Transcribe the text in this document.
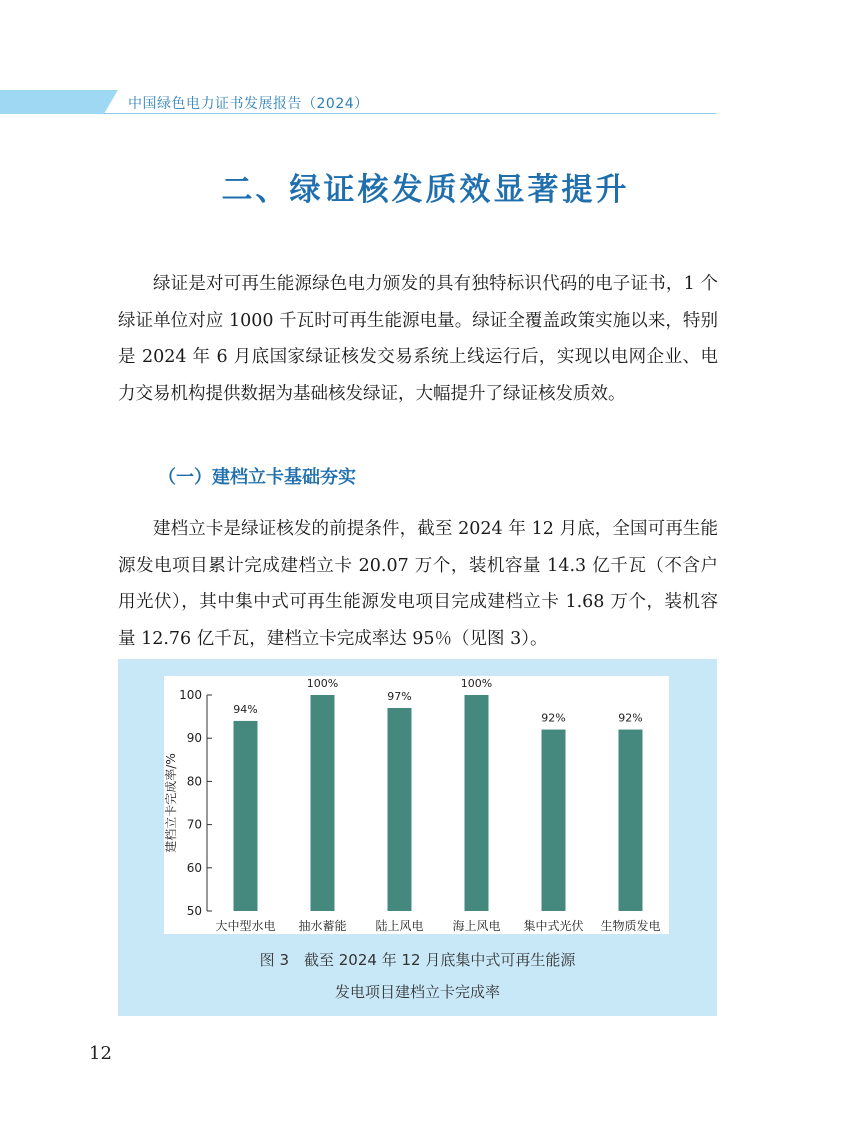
中国绿色电力证书发展报告（2024）
二、绿证核发质效显著提升

绿证是对可再生能源绿色电力颁发的具有独特标识代码的电子证书，1 个绿证单位对应 1000 千瓦时可再生能源电量。绿证全覆盖政策实施以来，特别是 2024 年 6 月底国家绿证核发交易系统上线运行后，实现以电网企业、电力交易机构提供数据为基础核发绿证，大幅提升了绿证核发质效。

（一）建档立卡基础夯实

建档立卡是绿证核发的前提条件，截至 2024 年 12 月底，全国可再生能源发电项目累计完成建档立卡 20.07 万个，装机容量 14.3 亿千瓦（不含户用光伏），其中集中式可再生能源发电项目完成建档立卡 1.68 万个，装机容量 12.76 亿千瓦，建档立卡完成率达 95％（见图 3）。

94%
100%
97%
100%
92%	92%
50
60
70
80
90
100
大中型水电 抽水蓄能 陆上风电 海上风电 集中式光伏 生物质发电
建档立卡完成率/%
图 3　截至 2024 年 12 月底集中式可再生能源
发电项目建档立卡完成率
12
